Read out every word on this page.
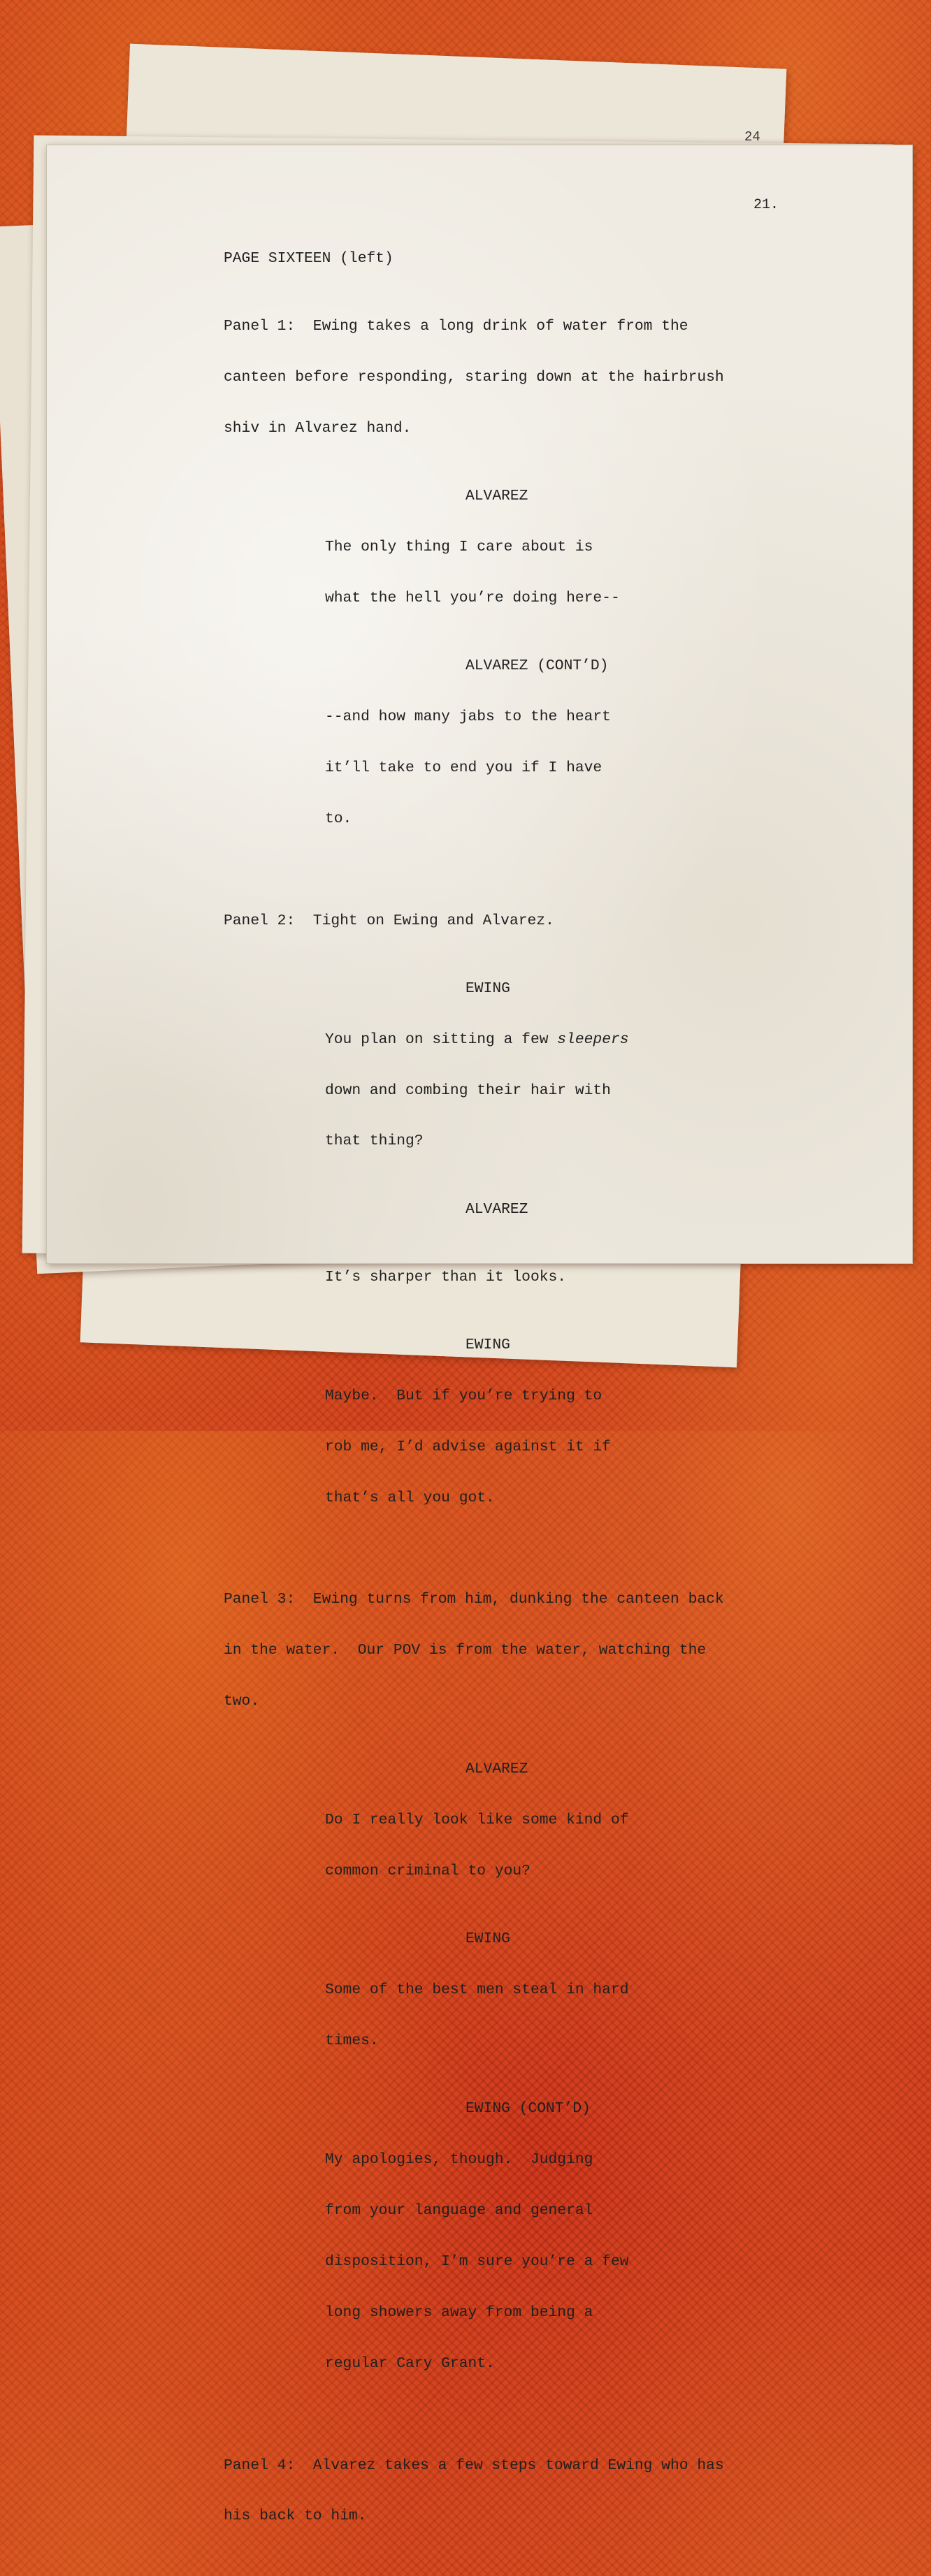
24
21.
PAGE SIXTEEN (left)

Panel 1:  Ewing takes a long drink of water from the

canteen before responding, staring down at the hairbrush

shiv in Alvarez hand.

ALVAREZ

The only thing I care about is

what the hell you’re doing here--

ALVAREZ (CONT’D)

--and how many jabs to the heart

it’ll take to end you if I have

to.

Panel 2:  Tight on Ewing and Alvarez.

EWING

You plan on sitting a few sleepers

down and combing their hair with

that thing?

ALVAREZ

It’s sharper than it looks.

EWING

Maybe.  But if you’re trying to

rob me, I’d advise against it if

that’s all you got.

Panel 3:  Ewing turns from him, dunking the canteen back

in the water.  Our POV is from the water, watching the

two.

ALVAREZ

Do I really look like some kind of

common criminal to you?

EWING

Some of the best men steal in hard

times.

EWING (CONT’D)

My apologies, though.  Judging

from your language and general

disposition, I’m sure you’re a few

long showers away from being a

regular Cary Grant.

Panel 4:  Alvarez takes a few steps toward Ewing who has

his back to him.
